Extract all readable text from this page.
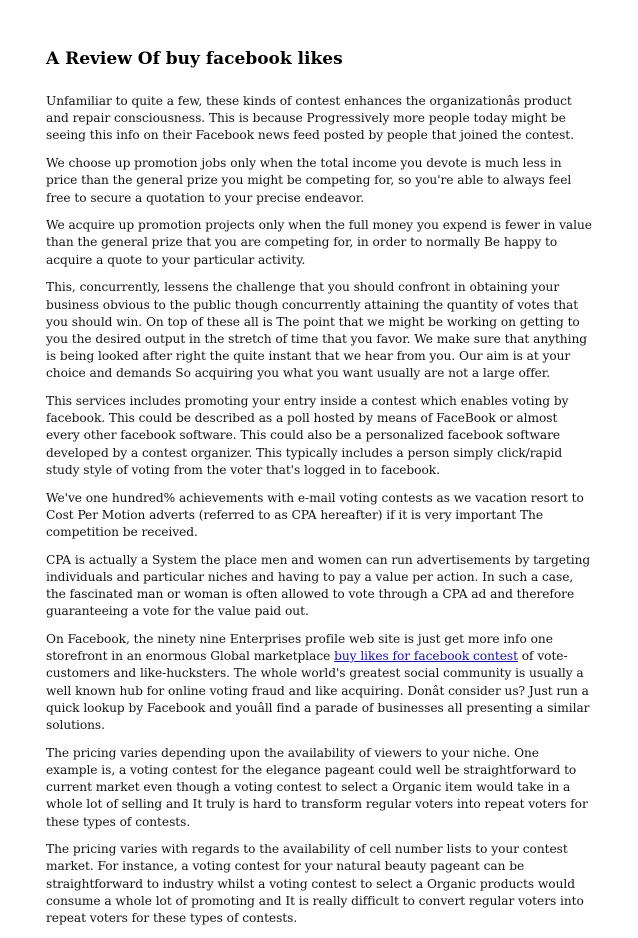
A Review Of buy facebook likes

Unfamiliar to quite a few, these kinds of contest enhances the organizationâs product and repair consciousness. This is because Progressively more people today might be seeing this info on their Facebook news feed posted by people that joined the contest.

We choose up promotion jobs only when the total income you devote is much less in price than the general prize you might be competing for, so you're able to always feel free to secure a quotation to your precise endeavor.

We acquire up promotion projects only when the full money you expend is fewer in value than the general prize that you are competing for, in order to normally Be happy to acquire a quote to your particular activity.

This, concurrently, lessens the challenge that you should confront in obtaining your business obvious to the public though concurrently attaining the quantity of votes that you should win. On top of these all is The point that we might be working on getting to you the desired output in the stretch of time that you favor. We make sure that anything is being looked after right the quite instant that we hear from you. Our aim is at your choice and demands So acquiring you what you want usually are not a large offer.

This services includes promoting your entry inside a contest which enables voting by facebook. This could be described as a poll hosted by means of FaceBook or almost every other facebook software. This could also be a personalized facebook software developed by a contest organizer. This typically includes a person simply click/rapid study style of voting from the voter that's logged in to facebook.

We've one hundred% achievements with e-mail voting contests as we vacation resort to Cost Per Motion adverts (referred to as CPA hereafter) if it is very important The competition be received.

CPA is actually a System the place men and women can run advertisements by targeting individuals and particular niches and having to pay a value per action. In such a case, the fascinated man or woman is often allowed to vote through a CPA ad and therefore guaranteeing a vote for the value paid out.

On Facebook, the ninety nine Enterprises profile web site is just get more info one storefront in an enormous Global marketplace buy likes for facebook contest of vote-customers and like-hucksters. The whole world's greatest social community is usually a well known hub for online voting fraud and like acquiring. Donât consider us? Just run a quick lookup by Facebook and youâll find a parade of businesses all presenting a similar solutions.

The pricing varies depending upon the availability of viewers to your niche. One example is, a voting contest for the elegance pageant could well be straightforward to current market even though a voting contest to select a Organic item would take in a whole lot of selling and It truly is hard to transform regular voters into repeat voters for these types of contests.

The pricing varies with regards to the availability of cell number lists to your contest market. For instance, a voting contest for your natural beauty pageant can be straightforward to industry whilst a voting contest to select a Organic products would consume a whole lot of promoting and It is really difficult to convert regular voters into repeat voters for these types of contests.
